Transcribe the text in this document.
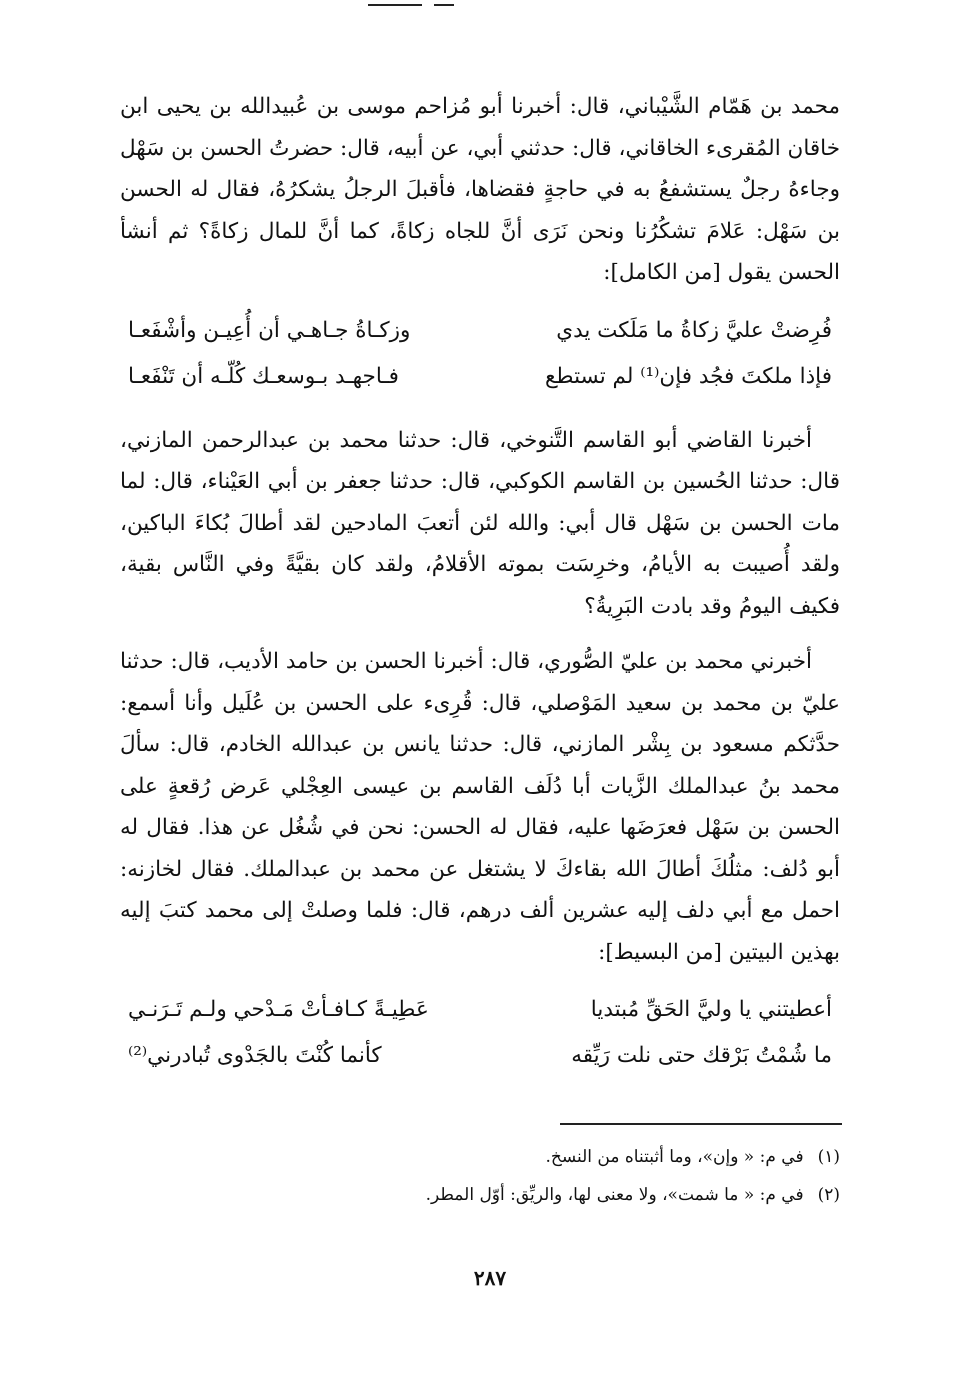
محمد بن هَمّام الشَّيْباني، قال: أخبرنا أبو مُزاحم موسى بن عُبيدالله بن يحيى ابن خاقان المُقرىء الخاقاني، قال: حدثني أبي، عن أبيه، قال: حضرتُ الحسن بن سَهْل وجاءهُ رجلٌ يستشفعُ به في حاجةٍ فقضاها، فأقبلَ الرجلُ يشكرُهُ، فقال له الحسن بن سَهْل: عَلامَ تشكُرُنا ونحن نَرَى أنَّ للجاه زكاةً، كما أنَّ للمال زكاةً؟ ثم أنشأ الحسن يقول [من الكامل]:

فُرِضتْ عليَّ زكاةُ ما مَلَكت يدي
وزكـاةُ جـاهـي أن أُعِيـن وأشْفَعـا
فإذا ملكتَ فجُد فإن⁽¹⁾ لم تستطع
فـاجهـد بـوسعـك كُلّـه أن تَنْفَعـا

أخبرنا القاضي أبو القاسم التَّنوخي، قال: حدثنا محمد بن عبدالرحمن المازني، قال: حدثنا الحُسين بن القاسم الكوكبي، قال: حدثنا جعفر بن أبي العَيْناء، قال: لما مات الحسن بن سَهْل قال أبي: والله لئن أتعبَ المادحين لقد أطالَ بُكاءَ الباكين، ولقد أُصيبت به الأيامُ، وخرِسَت بموته الأقلامُ، ولقد كان بقيَّةً وفي النَّاس بقية، فكيف اليومُ وقد بادت البَرِيةُ؟

أخبرني محمد بن عليّ الصُّوري، قال: أخبرنا الحسن بن حامد الأديب، قال: حدثنا عليّ بن محمد بن سعيد المَوْصلي، قال: قُرِىء على الحسن بن عُلَيل وأنا أسمع: حدَّثكم مسعود بن بِشْر المازني، قال: حدثنا يانس بن عبدالله الخادم، قال: سألَ محمد بنُ عبدالملك الزَّيات أبا دُلَف القاسم بن عيسى العِجْلي عَرض رُقعةٍ على الحسن بن سَهْل فعرَضَها عليه، فقال له الحسن: نحن في شُغُل عن هذا. فقال له أبو دُلف: مثلُكَ أطالَ الله بقاءكَ لا يشتغل عن محمد بن عبدالملك. فقال لخازنه: احمل مع أبي دلف إليه عشرين ألف درهم، قال: فلما وصلتْ إلى محمد كتبَ إليه بهذين البيتين [من البسيط]:

أعطيتني يا وليَّ الحَقِّ مُبتديا
عَطِيـةً كـافـأتْ مَـدْحي ولـم تَـرَنـي
ما شُمْتُ بَرْقك حتى نلت رَيِّقه
كأنما كُنْتَ بالجَدْوى تُبادرني⁽²⁾
(١)في م: « وإن»، وما أثبتناه من النسخ.
(٢)في م: « ما شمت»، ولا معنى لها، والريِّق: أوّل المطر.
٢٨٧
